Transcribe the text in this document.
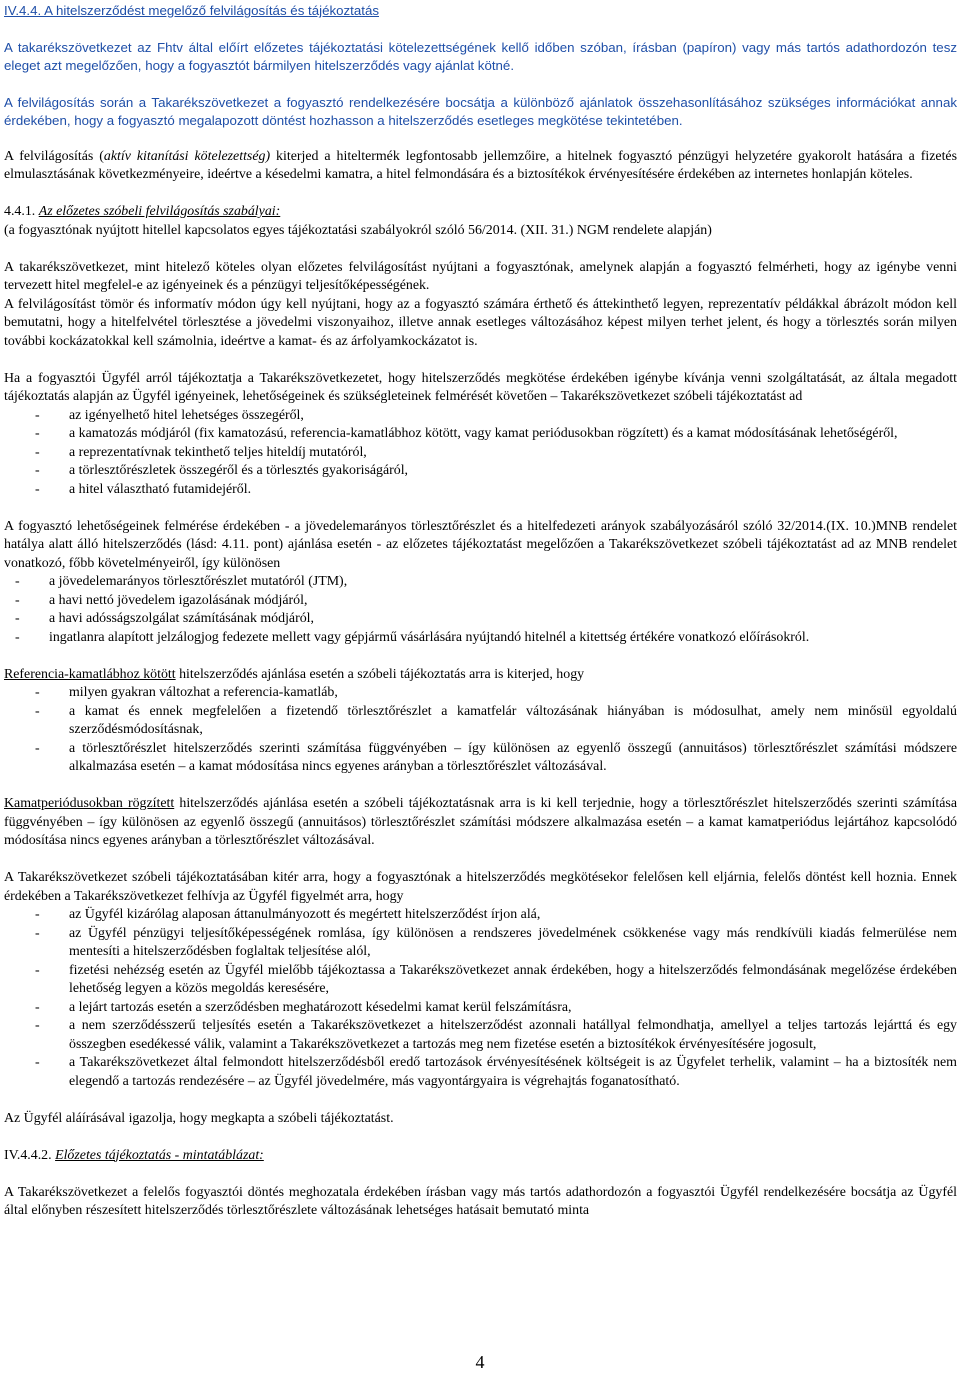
IV.4.4. A hitelszerződést megelőző felvilágosítás és tájékoztatás

A takarékszövetkezet az Fhtv által előírt előzetes tájékoztatási kötelezettségének kellő időben szóban, írásban (papíron) vagy más tartós adathordozón tesz eleget azt megelőzően, hogy a fogyasztót bármilyen hitelszerződés vagy ajánlat kötné.

A felvilágosítás során a Takarékszövetkezet a fogyasztó rendelkezésére bocsátja a különböző ajánlatok összehasonlításához szükséges információkat annak érdekében, hogy a fogyasztó megalapozott döntést hozhasson a hitelszerződés esetleges megkötése tekintetében.

A felvilágosítás (aktív kitanítási kötelezettség) kiterjed a hiteltermék legfontosabb jellemzőire, a hitelnek fogyasztó pénzügyi helyzetére gyakorolt hatására a fizetés elmulasztásának következményeire, ideértve a késedelmi kamatra, a hitel felmondására és a biztosítékok érvényesítésére érdekében az internetes honlapján köteles.

4.4.1. Az előzetes szóbeli felvilágosítás szabályai:

(a fogyasztónak nyújtott hitellel kapcsolatos egyes tájékoztatási szabályokról szóló 56/2014. (XII. 31.) NGM rendelete alapján)

A takarékszövetkezet, mint hitelező köteles olyan előzetes felvilágosítást nyújtani a fogyasztónak, amelynek alapján a fogyasztó felmérheti, hogy az igénybe venni tervezett hitel megfelel-e az igényeinek és a pénzügyi teljesítőképességének.

A felvilágosítást tömör és informatív módon úgy kell nyújtani, hogy az a fogyasztó számára érthető és áttekinthető legyen, reprezentatív példákkal ábrázolt módon kell bemutatni, hogy a hitelfelvétel törlesztése a jövedelmi viszonyaihoz, illetve annak esetleges változásához képest milyen terhet jelent, és hogy a törlesztés során milyen további kockázatokkal kell számolnia, ideértve a kamat- és az árfolyamkockázatot is.

Ha a fogyasztói Ügyfél arról tájékoztatja a Takarékszövetkezetet, hogy hitelszerződés megkötése érdekében igénybe kívánja venni szolgáltatását, az általa megadott tájékoztatás alapján az Ügyfél igényeinek, lehetőségeinek és szükségleteinek felmérését követően – Takarékszövetkezet szóbeli tájékoztatást ad

- az igényelhető hitel lehetséges összegéről,
- a kamatozás módjáról (fix kamatozású, referencia-kamatlábhoz kötött, vagy kamat periódusokban rögzített) és a kamat módosításának lehetőségéről,
- a reprezentatívnak tekinthető teljes hiteldíj mutatóról,
- a törlesztőrészletek összegéről és a törlesztés gyakoriságáról,
- a hitel választható futamidejéről.

A fogyasztó lehetőségeinek felmérése érdekében - a jövedelemarányos törlesztőrészlet és a hitelfedezeti arányok szabályozásáról szóló 32/2014.(IX. 10.)MNB rendelet hatálya alatt álló hitelszerződés (lásd: 4.11. pont) ajánlása esetén - az előzetes tájékoztatást megelőzően a Takarékszövetkezet szóbeli tájékoztatást ad az MNB rendelet vonatkozó, főbb követelményeiről, így különösen

- a jövedelemarányos törlesztőrészlet mutatóról (JTM),
- a havi nettó jövedelem igazolásának módjáról,
- a havi adósságszolgálat számításának módjáról,
- ingatlanra alapított jelzálogjog fedezete mellett vagy gépjármű vásárlására nyújtandó hitelnél a kitettség értékére vonatkozó előírásokról.

Referencia-kamatlábhoz kötött hitelszerződés ajánlása esetén a szóbeli tájékoztatás arra is kiterjed, hogy

- milyen gyakran változhat a referencia-kamatláb,
- a kamat és ennek megfelelően a fizetendő törlesztőrészlet a kamatfelár változásának hiányában is módosulhat, amely nem minősül egyoldalú szerződésmódosításnak,
- a törlesztőrészlet hitelszerződés szerinti számítása függvényében – így különösen az egyenlő összegű (annuitásos) törlesztőrészlet számítási módszere alkalmazása esetén – a kamat módosítása nincs egyenes arányban a törlesztőrészlet változásával.

Kamatperiódusokban rögzített hitelszerződés ajánlása esetén a szóbeli tájékoztatásnak arra is ki kell terjednie, hogy a törlesztőrészlet hitelszerződés szerinti számítása függvényében – így különösen az egyenlő összegű (annuitásos) törlesztőrészlet számítási módszere alkalmazása esetén – a kamat kamatperiódus lejártához kapcsolódó módosítása nincs egyenes arányban a törlesztőrészlet változásával.

A Takarékszövetkezet szóbeli tájékoztatásában kitér arra, hogy a fogyasztónak a hitelszerződés megkötésekor felelősen kell eljárnia, felelős döntést kell hoznia. Ennek érdekében a Takarékszövetkezet felhívja az Ügyfél figyelmét arra, hogy

- az Ügyfél kizárólag alaposan áttanulmányozott és megértett hitelszerződést írjon alá,
- az Ügyfél pénzügyi teljesítőképességének romlása, így különösen a rendszeres jövedelmének csökkenése vagy más rendkívüli kiadás felmerülése nem mentesíti a hitelszerződésben foglaltak teljesítése alól,
- fizetési nehézség esetén az Ügyfél mielőbb tájékoztassa a Takarékszövetkezet annak érdekében, hogy a hitelszerződés felmondásának megelőzése érdekében lehetőség legyen a közös megoldás keresésére,
- a lejárt tartozás esetén a szerződésben meghatározott késedelmi kamat kerül felszámításra,
- a nem szerződésszerű teljesítés esetén a Takarékszövetkezet a hitelszerződést azonnali hatállyal felmondhatja, amellyel a teljes tartozás lejárttá és egy összegben esedékessé válik, valamint a Takarékszövetkezet a tartozás meg nem fizetése esetén a biztosítékok érvényesítésére jogosult,
- a Takarékszövetkezet által felmondott hitelszerződésből eredő tartozások érvényesítésének költségeit is az Ügyfelet terhelik, valamint – ha a biztosíték nem elegendő a tartozás rendezésére – az Ügyfél jövedelmére, más vagyontárgyaira is végrehajtás foganatosítható.

Az Ügyfél aláírásával igazolja, hogy megkapta a szóbeli tájékoztatást.

IV.4.4.2. Előzetes tájékoztatás - mintatáblázat:

A Takarékszövetkezet a felelős fogyasztói döntés meghozatala érdekében írásban vagy más tartós adathordozón a fogyasztói Ügyfél rendelkezésére bocsátja az Ügyfél által előnyben részesített hitelszerződés törlesztőrészlete változásának lehetséges hatásait bemutató minta

4
